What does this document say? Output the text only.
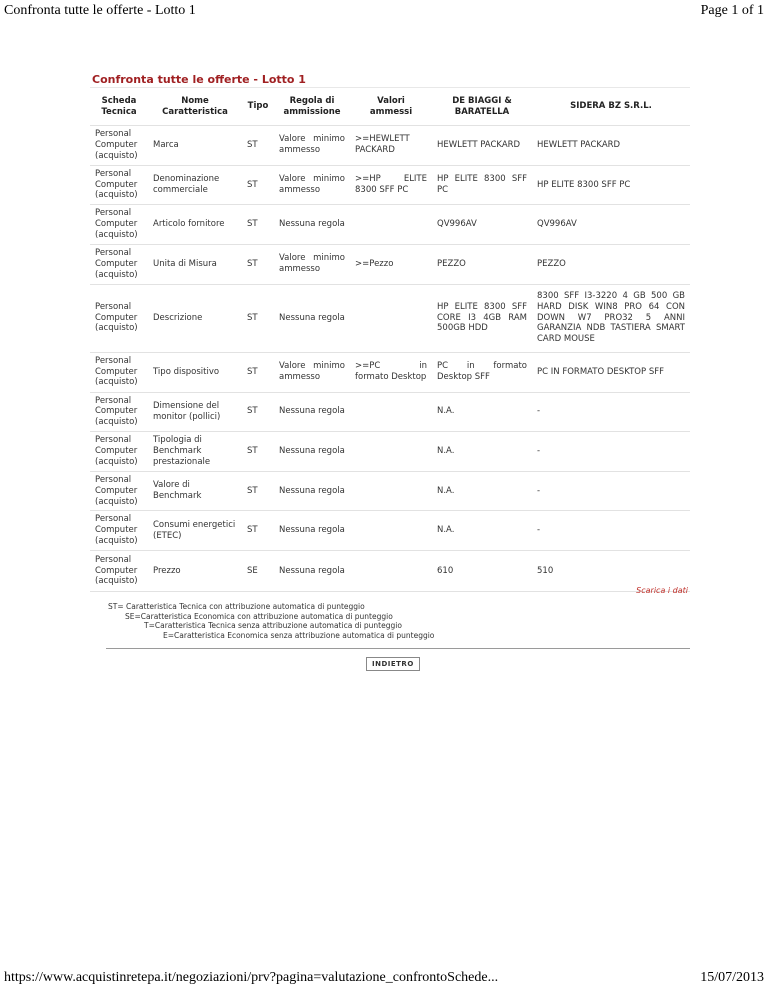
Confronta tutte le offerte - Lotto 1	Page 1 of 1
Confronta tutte le offerte - Lotto 1
Scheda Tecnica	Nome Caratteristica	Tipo	Regola di ammissione	Valori ammessi	DE BIAGGI & BARATELLA	SIDERA BZ S.R.L.
Personal Computer (acquisto)	Marca	ST	Valore minimo ammesso	>=HEWLETT PACKARD	HEWLETT PACKARD	HEWLETT PACKARD
Personal Computer (acquisto)	Denominazione commerciale	ST	Valore minimo ammesso	>=HP ELITE 8300 SFF PC	HP ELITE 8300 SFF PC	HP ELITE 8300 SFF PC
Personal Computer (acquisto)	Articolo fornitore	ST	Nessuna regola		QV996AV	QV996AV
Personal Computer (acquisto)	Unita di Misura	ST	Valore minimo ammesso	>=Pezzo	PEZZO	PEZZO
Personal Computer (acquisto)	Descrizione	ST	Nessuna regola		HP ELITE 8300 SFF CORE I3 4GB RAM 500GB HDD	8300 SFF I3-3220 4 GB 500 GB HARD DISK WIN8 PRO 64 CON DOWN W7 PRO32 5 ANNI GARANZIA NDB TASTIERA SMART CARD MOUSE
Personal Computer (acquisto)	Tipo dispositivo	ST	Valore minimo ammesso	>=PC in formato Desktop	PC in formato Desktop SFF	PC IN FORMATO DESKTOP SFF
Personal Computer (acquisto)	Dimensione del monitor (pollici)	ST	Nessuna regola		N.A.	-
Personal Computer (acquisto)	Tipologia di Benchmark prestazionale	ST	Nessuna regola		N.A.	-
Personal Computer (acquisto)	Valore di Benchmark	ST	Nessuna regola		N.A.	-
Personal Computer (acquisto)	Consumi energetici (ETEC)	ST	Nessuna regola		N.A.	-
Personal Computer (acquisto)	Prezzo	SE	Nessuna regola		610	510
Scarica i dati
ST= Caratteristica Tecnica con attribuzione automatica di punteggio
SE=Caratteristica Economica con attribuzione automatica di punteggio
T=Caratteristica Tecnica senza attribuzione automatica di punteggio
E=Caratteristica Economica senza attribuzione automatica di punteggio
INDIETRO
https://www.acquistinretepa.it/negoziazioni/prv?pagina=valutazione_confrontoSchede...	15/07/2013
